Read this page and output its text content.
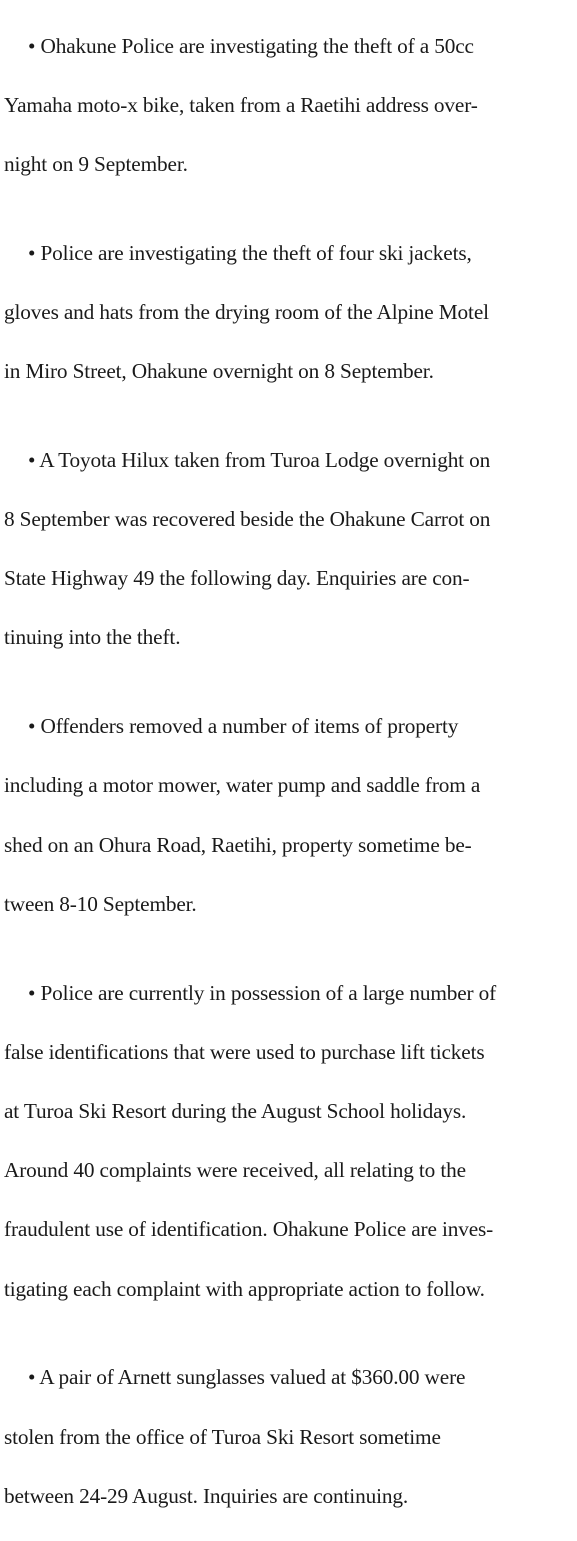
• Ohakune Police are investigating the theft of a 50cc

Yamaha moto-x bike, taken from a Raetihi address over-

night on 9 September.

• Police are investigating the theft of four ski jackets,

gloves and hats from the drying room of the Alpine Motel

in Miro Street, Ohakune overnight on 8 September.

• A Toyota Hilux taken from Turoa Lodge overnight on

8 September was recovered beside the Ohakune Carrot on

State Highway 49 the following day. Enquiries are con-

tinuing into the theft.

• Offenders removed a number of items of property

including a motor mower, water pump and saddle from a

shed on an Ohura Road, Raetihi, property sometime be-

tween 8-10 September.

• Police are currently in possession of a large number of

false identifications that were used to purchase lift tickets

at Turoa Ski Resort during the August School holidays.

Around 40 complaints were received, all relating to the

fraudulent use of identification. Ohakune Police are inves-

tigating each complaint with appropriate action to follow.

• A pair of Arnett sunglasses valued at $360.00 were

stolen from the office of Turoa Ski Resort sometime

between 24-29 August. Inquiries are continuing.
